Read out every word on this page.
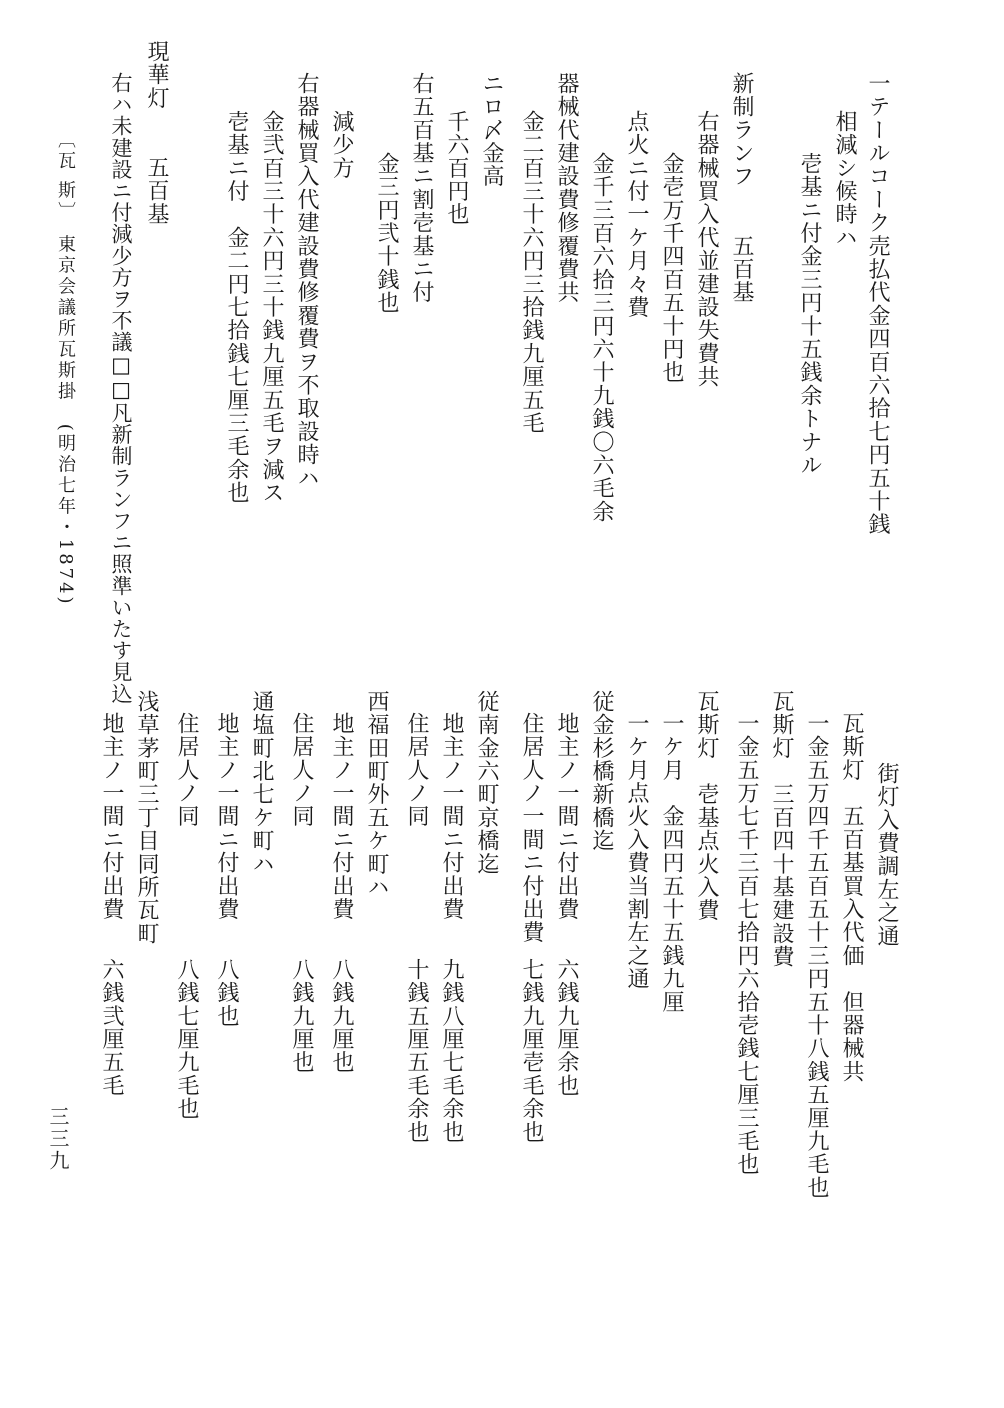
一テールコーク売払代金四百六拾七円五十銭
相減シ候時ハ
壱基ニ付金三円十五銭余トナル
新制ランフ　　五百基
右器械買入代並建設失費共
金壱万千四百五十円也
点火ニ付一ケ月々費
金千三百六拾三円六十九銭〇六毛余
器械代建設費修覆費共
金二百三十六円三拾銭九厘五毛
ニロ〆金高
千六百円也
右五百基ニ割壱基ニ付
金三円弐十銭也
減少方
右器械買入代建設費修覆費ヲ不取設時ハ
金弐百三十六円三十銭九厘五毛ヲ減ス
壱基ニ付　金二円七拾銭七厘三毛余也
現華灯　　五百基
右ハ未建設ニ付減少方ヲ不議□□凡新制ランフニ照準いたす見込
〔瓦 斯〕　東京会議所瓦斯掛　(明治七年・1874)
街灯入費調左之通
瓦斯灯　五百基買入代価　但器械共
一金五万四千五百五十三円五十八銭五厘九毛也
瓦斯灯　三百四十基建設費
一金五万七千三百七拾円六拾壱銭七厘三毛也
瓦斯灯　壱基点火入費
一ケ月　金四円五十五銭九厘
一ケ月点火入費当割左之通
従金杉橋新橋迄
地主ノ一間ニ付出費
住居人ノ一間ニ付出費
従南金六町京橋迄
地主ノ一間ニ付出費
住居人ノ同
西福田町外五ケ町ハ
地主ノ一間ニ付出費
住居人ノ同
通塩町北七ケ町ハ
地主ノ一間ニ付出費
住居人ノ同
浅草茅町三丁目同所瓦町
地主ノ一間ニ付出費
六銭九厘余也
七銭九厘壱毛余也
九銭八厘七毛余也
十銭五厘五毛余也
八銭九厘也
八銭九厘也
八銭也
八銭七厘九毛也
六銭弐厘五毛
三三九
